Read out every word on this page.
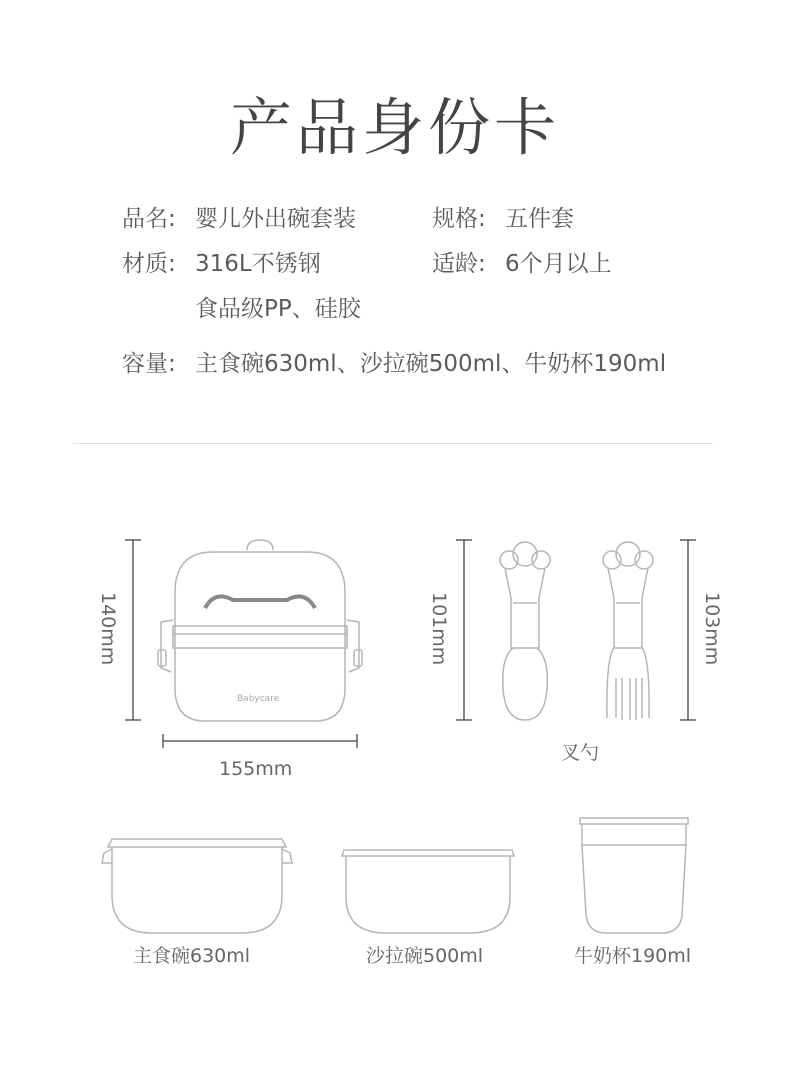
产品身份卡
品名: 婴儿外出碗套装	规格: 五件套
材质: 316L不锈钢	适龄: 6个月以上
食品级PP、硅胶
容量: 主食碗630ml、沙拉碗500ml、牛奶杯190ml
140mm
Babycare
155mm
101mm	103mm
叉勺
主食碗630ml	沙拉碗500ml	牛奶杯190ml
